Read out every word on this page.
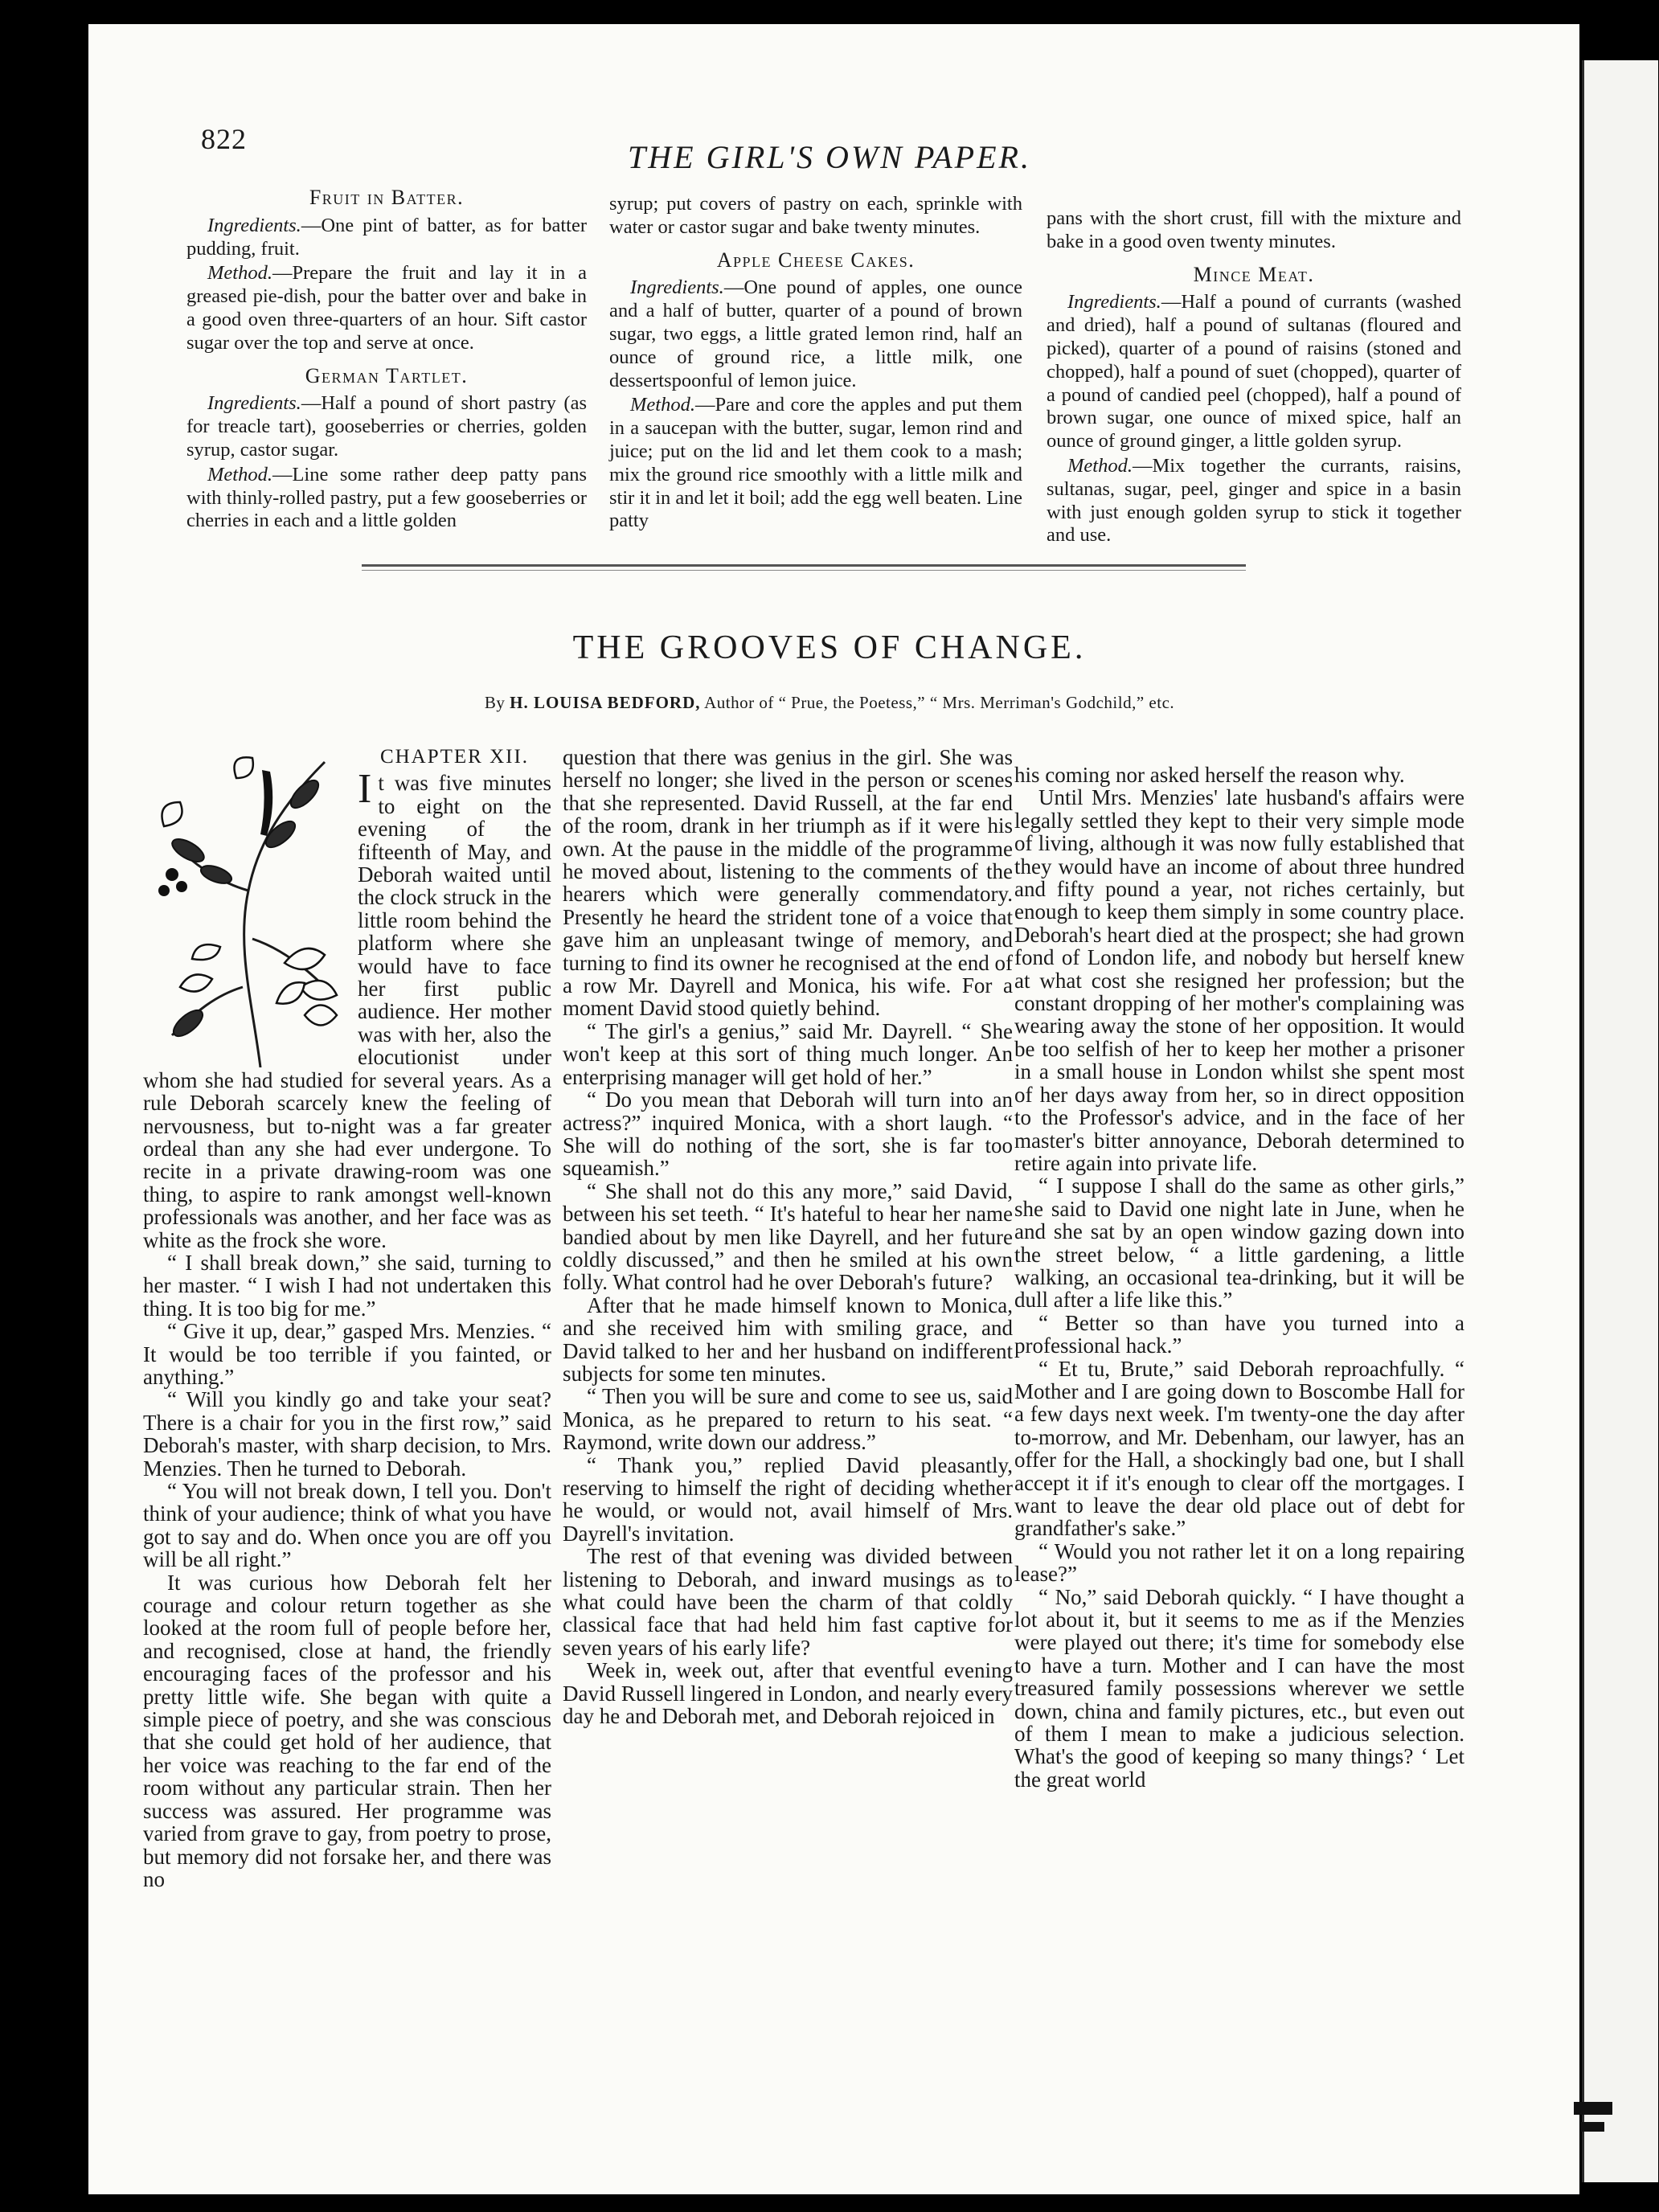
822	THE GIRL'S OWN PAPER.
Fruit in Batter.

Ingredients.—One pint of batter, as for batter pudding, fruit.

Method.—Prepare the fruit and lay it in a greased pie-dish, pour the batter over and bake in a good oven three-quarters of an hour. Sift castor sugar over the top and serve at once.

German Tartlet.

Ingredients.—Half a pound of short pastry (as for treacle tart), gooseberries or cherries, golden syrup, castor sugar.

Method.—Line some rather deep patty pans with thinly-rolled pastry, put a few gooseberries or cherries in each and a little golden

syrup; put covers of pastry on each, sprinkle with water or castor sugar and bake twenty minutes.

Apple Cheese Cakes.

Ingredients.—One pound of apples, one ounce and a half of butter, quarter of a pound of brown sugar, two eggs, a little grated lemon rind, half an ounce of ground rice, a little milk, one dessertspoonful of lemon juice.

Method.—Pare and core the apples and put them in a saucepan with the butter, sugar, lemon rind and juice; put on the lid and let them cook to a mash; mix the ground rice smoothly with a little milk and stir it in and let it boil; add the egg well beaten. Line patty

pans with the short crust, fill with the mixture and bake in a good oven twenty minutes.

Mince Meat.

Ingredients.—Half a pound of currants (washed and dried), half a pound of sultanas (floured and picked), quarter of a pound of raisins (stoned and chopped), half a pound of suet (chopped), quarter of a pound of candied peel (chopped), half a pound of brown sugar, one ounce of mixed spice, half an ounce of ground ginger, a little golden syrup.

Method.—Mix together the currants, raisins, sultanas, sugar, peel, ginger and spice in a basin with just enough golden syrup to stick it together and use.

THE GROOVES OF CHANGE.
By H. LOUISA BEDFORD, Author of “ Prue, the Poetess,” “ Mrs. Merriman's Godchild,” etc.
CHAPTER XII.

It was five minutes to eight on the evening of the fifteenth of May, and Deborah waited until the clock struck in the little room behind the platform where she would have to face her first public audience. Her mother was with her, also the elocutionist under whom she had studied for several years. As a rule Deborah scarcely knew the feeling of nervousness, but to-night was a far greater ordeal than any she had ever undergone. To recite in a private drawing-room was one thing, to aspire to rank amongst well-known professionals was another, and her face was as white as the frock she wore.

“ I shall break down,” she said, turning to her master. “ I wish I had not undertaken this thing. It is too big for me.”

“ Give it up, dear,” gasped Mrs. Menzies. “ It would be too terrible if you fainted, or anything.”

“ Will you kindly go and take your seat? There is a chair for you in the first row,” said Deborah's master, with sharp decision, to Mrs. Menzies. Then he turned to Deborah.

“ You will not break down, I tell you. Don't think of your audience; think of what you have got to say and do. When once you are off you will be all right.”

It was curious how Deborah felt her courage and colour return together as she looked at the room full of people before her, and recognised, close at hand, the friendly encouraging faces of the professor and his pretty little wife. She began with quite a simple piece of poetry, and she was conscious that she could get hold of her audience, that her voice was reaching to the far end of the room without any particular strain. Then her success was assured. Her programme was varied from grave to gay, from poetry to prose, but memory did not forsake her, and there was no

question that there was genius in the girl. She was herself no longer; she lived in the person or scenes that she represented. David Russell, at the far end of the room, drank in her triumph as if it were his own. At the pause in the middle of the programme he moved about, listening to the comments of the hearers which were generally commendatory. Presently he heard the strident tone of a voice that gave him an unpleasant twinge of memory, and turning to find its owner he recognised at the end of a row Mr. Dayrell and Monica, his wife. For a moment David stood quietly behind.

“ The girl's a genius,” said Mr. Dayrell. “ She won't keep at this sort of thing much longer. An enterprising manager will get hold of her.”

“ Do you mean that Deborah will turn into an actress?” inquired Monica, with a short laugh. “ She will do nothing of the sort, she is far too squeamish.”

“ She shall not do this any more,” said David, between his set teeth. “ It's hateful to hear her name bandied about by men like Dayrell, and her future coldly discussed,” and then he smiled at his own folly. What control had he over Deborah's future?

After that he made himself known to Monica, and she received him with smiling grace, and David talked to her and her husband on indifferent subjects for some ten minutes.

“ Then you will be sure and come to see us, said Monica, as he prepared to return to his seat. “ Raymond, write down our address.”

“ Thank you,” replied David pleasantly, reserving to himself the right of deciding whether he would, or would not, avail himself of Mrs. Dayrell's invitation.

The rest of that evening was divided between listening to Deborah, and inward musings as to what could have been the charm of that coldly classical face that had held him fast captive for seven years of his early life?

Week in, week out, after that eventful evening David Russell lingered in London, and nearly every day he and Deborah met, and Deborah rejoiced in

his coming nor asked herself the reason why.

Until Mrs. Menzies' late husband's affairs were legally settled they kept to their very simple mode of living, although it was now fully established that they would have an income of about three hundred and fifty pound a year, not riches certainly, but enough to keep them simply in some country place. Deborah's heart died at the prospect; she had grown fond of London life, and nobody but herself knew at what cost she resigned her profession; but the constant dropping of her mother's complaining was wearing away the stone of her opposition. It would be too selfish of her to keep her mother a prisoner in a small house in London whilst she spent most of her days away from her, so in direct opposition to the Professor's advice, and in the face of her master's bitter annoyance, Deborah determined to retire again into private life.

“ I suppose I shall do the same as other girls,” she said to David one night late in June, when he and she sat by an open window gazing down into the street below, “ a little gardening, a little walking, an occasional tea-drinking, but it will be dull after a life like this.”

“ Better so than have you turned into a professional hack.”

“ Et tu, Brute,” said Deborah reproachfully. “ Mother and I are going down to Boscombe Hall for a few days next week. I'm twenty-one the day after to-morrow, and Mr. Debenham, our lawyer, has an offer for the Hall, a shockingly bad one, but I shall accept it if it's enough to clear off the mortgages. I want to leave the dear old place out of debt for grandfather's sake.”

“ Would you not rather let it on a long repairing lease?”

“ No,” said Deborah quickly. “ I have thought a lot about it, but it seems to me as if the Menzies were played out there; it's time for somebody else to have a turn. Mother and I can have the most treasured family possessions wherever we settle down, china and family pictures, etc., but even out of them I mean to make a judicious selection. What's the good of keeping so many things? ‘ Let the great world
